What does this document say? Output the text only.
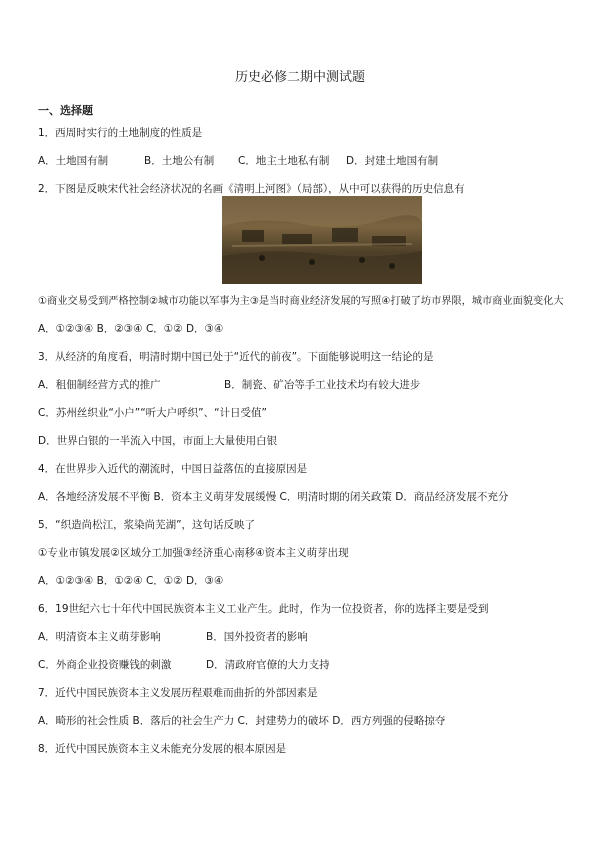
历史必修二期中测试题
一、选择题
1．西周时实行的土地制度的性质是
A．土地国有制	B．土地公有制 C．地主土地私有制 D．封建土地国有制
2．下图是反映宋代社会经济状况的名画《清明上河图》（局部），从中可以获得的历史信息有
①商业交易受到严格控制②城市功能以军事为主③是当时商业经济发展的写照④打破了坊市界限，城市商业面貌变化大
A．①②③④ B．②③④ C．①② D．③④
3．从经济的角度看，明清时期中国已处于“近代的前夜”。下面能够说明这一结论的是
A．租佃制经营方式的推广	B．制瓷、矿冶等手工业技术均有较大进步
C．苏州丝织业“小户”“听大户呼织”、“计日受值”
D．世界白银的一半流入中国，市面上大量使用白银
4．在世界步入近代的潮流时，中国日益落伍的直接原因是
A．各地经济发展不平衡 B．资本主义萌芽发展缓慢 C．明清时期的闭关政策 D．商品经济发展不充分
5．“织造尚松江，浆染尚芜湖”，这句话反映了
①专业市镇发展②区域分工加强③经济重心南移④资本主义萌芽出现
A．①②③④ B．①②④ C．①② D．③④
6．19世纪六七十年代中国民族资本主义工业产生。此时，作为一位投资者，你的选择主要是受到
A．明清资本主义萌芽影响	B．国外投资者的影响
C．外商企业投资赚钱的刺激	D．清政府官僚的大力支持
7．近代中国民族资本主义发展历程艰难而曲折的外部因素是
A．畸形的社会性质 B．落后的社会生产力 C．封建势力的破坏 D．西方列强的侵略掠夺
8．近代中国民族资本主义未能充分发展的根本原因是
